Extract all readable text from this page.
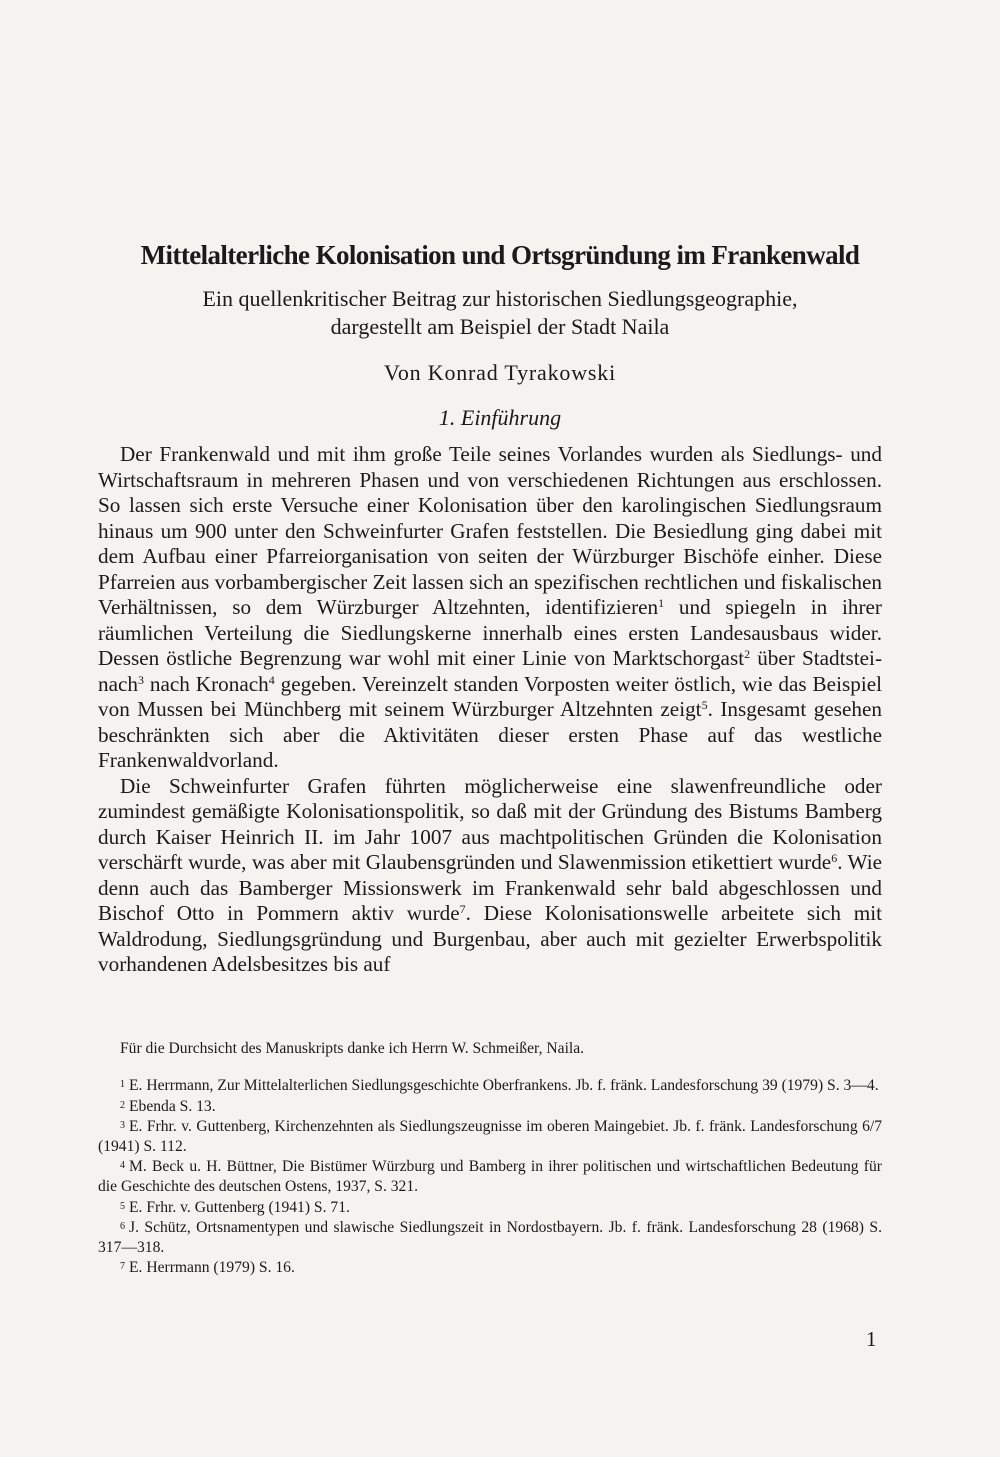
Mittelalterliche Kolonisation und Ortsgründung im Frankenwald
Ein quellenkritischer Beitrag zur historischen Siedlungsgeographie,
dargestellt am Beispiel der Stadt Naila
Von Konrad Tyrakowski
1. Einführung

Der Frankenwald und mit ihm große Teile seines Vorlandes wurden als Siedlungs- und Wirtschaftsraum in mehreren Phasen und von verschiedenen Richtungen aus erschlossen. So lassen sich erste Versuche einer Kolonisation über den karolingischen Siedlungsraum hinaus um 900 unter den Schweinfurter Grafen feststellen. Die Besiedlung ging dabei mit dem Aufbau einer Pfarreiorganisation von seiten der Würzburger Bischöfe einher. Diese Pfarreien aus vorbambergischer Zeit lassen sich an spezifischen rechtlichen und fiskalischen Verhältnissen, so dem Würzburger Altzehnten, identifizieren$^1$ und spiegeln in ihrer räumlichen Verteilung die Siedlungskerne innerhalb eines ersten Landesausbaus wider. Dessen östliche Begrenzung war wohl mit einer Linie von Marktschorgast$^2$ über Stadtsteinach$^3$ nach Kronach$^4$ gegeben. Vereinzelt standen Vorposten weiter östlich, wie das Beispiel von Mussen bei Münchberg mit seinem Würzburger Altzehnten zeigt$^5$. Insgesamt gesehen beschränkten sich aber die Aktivitäten dieser ersten Phase auf das westliche Frankenwaldvorland.

Die Schweinfurter Grafen führten möglicherweise eine slawenfreundliche oder zumindest gemäßigte Kolonisationspolitik, so daß mit der Gründung des Bistums Bamberg durch Kaiser Heinrich II. im Jahr 1007 aus machtpolitischen Gründen die Kolonisation verschärft wurde, was aber mit Glaubensgründen und Slawenmission etikettiert wurde$^6$. Wie denn auch das Bamberger Missionswerk im Frankenwald sehr bald abgeschlossen und Bischof Otto in Pommern aktiv wurde$^7$. Diese Kolonisationswelle arbeitete sich mit Waldrodung, Siedlungsgründung und Burgenbau, aber auch mit gezielter Erwerbspolitik vorhandenen Adelsbesitzes bis auf

Für die Durchsicht des Manuskripts danke ich Herrn W. Schmeißer, Naila.

1 E. Herrmann, Zur Mittelalterlichen Siedlungsgeschichte Oberfrankens. Jb. f. fränk. Landesforschung 39 (1979) S. 3—4.

2 Ebenda S. 13.

3 E. Frhr. v. Guttenberg, Kirchenzehnten als Siedlungszeugnisse im oberen Maingebiet. Jb. f. fränk. Landesforschung 6/7 (1941) S. 112.

4 M. Beck u. H. Büttner, Die Bistümer Würzburg und Bamberg in ihrer politischen und wirtschaftlichen Bedeutung für die Geschichte des deutschen Ostens, 1937, S. 321.

5 E. Frhr. v. Guttenberg (1941) S. 71.

6 J. Schütz, Ortsnamentypen und slawische Siedlungszeit in Nordostbayern. Jb. f. fränk. Landesforschung 28 (1968) S. 317—318.

7 E. Herrmann (1979) S. 16.

1
